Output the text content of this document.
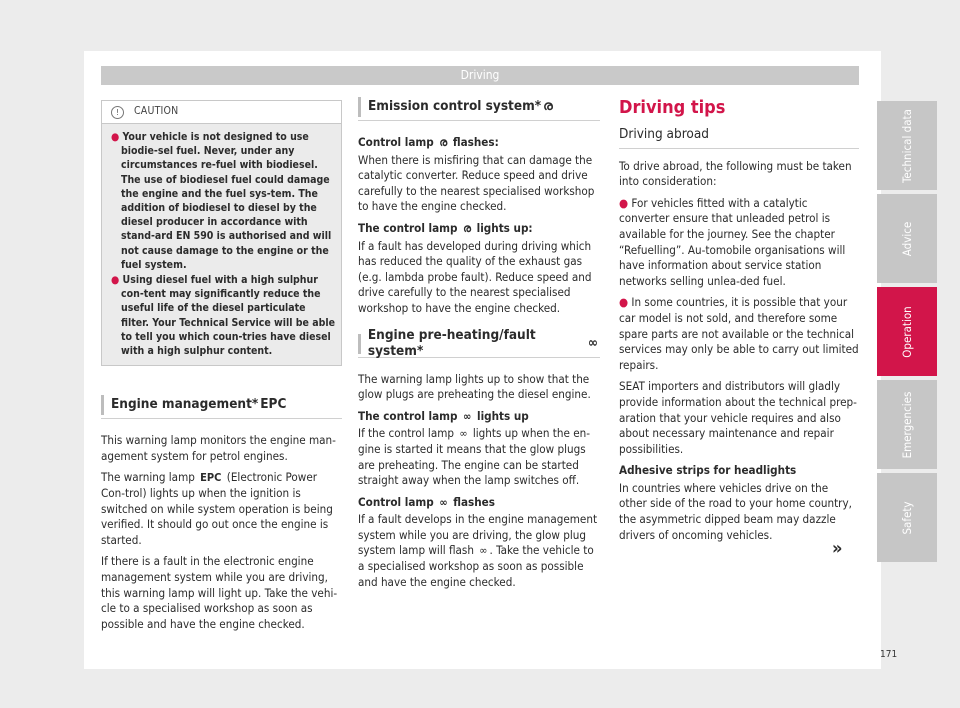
Driving
!	CAUTION
● Your vehicle is not designed to use biodie-sel fuel. Never, under any circumstances re-fuel with biodiesel. The use of biodiesel fuel could damage the engine and the fuel sys-tem. The addition of biodiesel to diesel by the diesel producer in accordance with stand-ard EN 590 is authorised and will not cause damage to the engine or the fuel system.
● Using diesel fuel with a high sulphur con-tent may significantly reduce the useful life of the diesel particulate filter. Your Technical Service will be able to tell you which coun-tries have diesel with a high sulphur content.
Engine management* EPC

This warning lamp monitors the engine man-agement system for petrol engines.

The warning lamp EPC (Electronic Power Con-trol) lights up when the ignition is switched on while system operation is being verified. It should go out once the engine is started.

If there is a fault in the electronic engine management system while you are driving, this warning lamp will light up. Take the vehi-cle to a specialised workshop as soon as possible and have the engine checked.

Emission control system* ര

Control lamp ര flashes:

When there is misfiring that can damage the catalytic converter. Reduce speed and drive carefully to the nearest specialised workshop to have the engine checked.

The control lamp ര lights up:

If a fault has developed during driving which has reduced the quality of the exhaust gas (e.g. lambda probe fault). Reduce speed and drive carefully to the nearest specialised workshop to have the engine checked.

Engine pre-heating/fault system*	∞

The warning lamp lights up to show that the glow plugs are preheating the diesel engine.

The control lamp ∞ lights up

If the control lamp ∞ lights up when the en-gine is started it means that the glow plugs are preheating. The engine can be started straight away when the lamp switches off.

Control lamp ∞ flashes

If a fault develops in the engine management system while you are driving, the glow plug system lamp will flash ∞ . Take the vehicle to a specialised workshop as soon as possible and have the engine checked.

Driving tips
Driving abroad

To drive abroad, the following must be taken into consideration:

● For vehicles fitted with a catalytic converter ensure that unleaded petrol is available for the journey. See the chapter “Refuelling”. Au-tomobile organisations will have information about service station networks selling unlea-ded fuel.

● In some countries, it is possible that your car model is not sold, and therefore some spare parts are not available or the technical services may only be able to carry out limited repairs.

SEAT importers and distributors will gladly provide information about the technical prep-aration that your vehicle requires and also about necessary maintenance and repair possibilities.

Adhesive strips for headlights

In countries where vehicles drive on the other side of the road to your home country, the asymmetric dipped beam may dazzle drivers of oncoming vehicles.

»
Technical data
Advice
Operation
Emergencies
Safety
171
